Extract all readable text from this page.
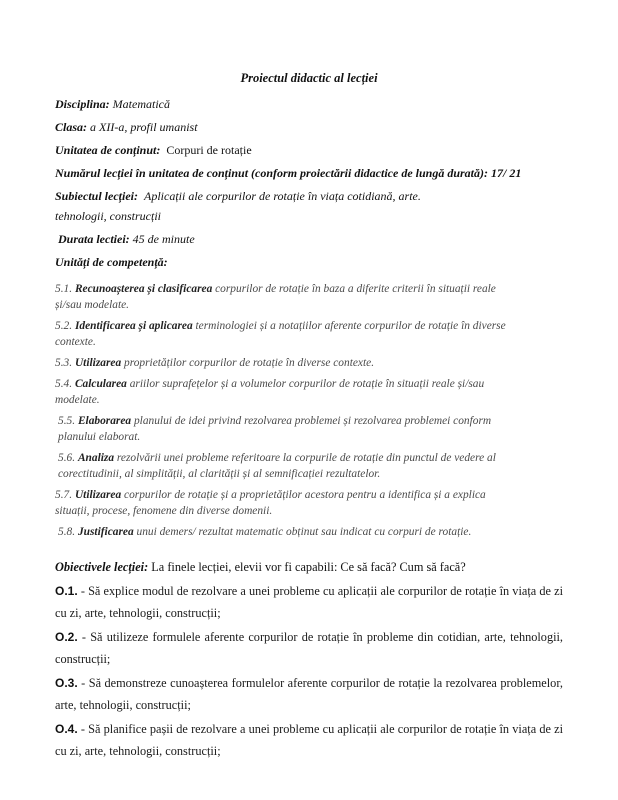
Proiectul didactic al lecției
Disciplina: Matematică
Clasa: a XII-a, profil umanist
Unitatea de conținut: Corpuri de rotație
Numărul lecției în unitatea de conținut (conform proiectării didactice de lungă durată): 17/ 21
Subiectul lecției: Aplicații ale corpurilor de rotație în viața cotidiană, arte.
tehnologii, construcții
Durata lectiei: 45 de minute
Unități de competență:
5.1. Recunoașterea și clasificarea corpurilor de rotație în baza a diferite criterii în situații reale
și/sau modelate.
5.2. Identificarea și aplicarea terminologiei și a notațiilor aferente corpurilor de rotație în diverse
contexte.
5.3. Utilizarea proprietăților corpurilor de rotație în diverse contexte.
5.4. Calcularea ariilor suprafețelor și a volumelor corpurilor de rotație în situații reale și/sau
modelate.
5.5. Elaborarea planului de idei privind rezolvarea problemei și rezolvarea problemei conform
planului elaborat.
5.6. Analiza rezolvării unei probleme referitoare la corpurile de rotație din punctul de vedere al
corectitudinii, al simplității, al clarității și al semnificației rezultatelor.
5.7. Utilizarea corpurilor de rotație și a proprietăților acestora pentru a identifica și a explica
situații, procese, fenomene din diverse domenii.
5.8. Justificarea unui demers/ rezultat matematic obținut sau indicat cu corpuri de rotație.
Obiectivele lecției: La finele lecției, elevii vor fi capabili: Ce să facă? Cum să facă?
O.1. - Să explice modul de rezolvare a unei probleme cu aplicații ale corpurilor de rotație în viața de zi cu zi, arte, tehnologii, construcții;
O.2. - Să utilizeze formulele aferente corpurilor de rotație în probleme din cotidian, arte, tehnologii, construcții;
O.3. - Să demonstreze cunoașterea formulelor aferente corpurilor de rotație la rezolvarea problemelor, arte, tehnologii, construcții;
O.4. - Să planifice pașii de rezolvare a unei probleme cu aplicații ale corpurilor de rotație în viața de zi cu zi, arte, tehnologii, construcții;
